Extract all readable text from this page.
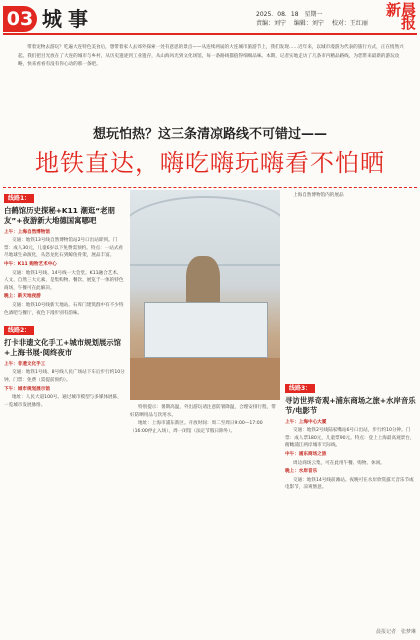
03 城事	2025．08．18　星期一
责编：刘宁 　编辑：刘宁 　校对：王红丽
新晨报
带着宠物去游玩？吃遍大连特色美食后，想带着家人去郊外探索一处有意思的景点——从连续两届的大连城市旅游节上，我们发现……近年来，以城市漫游为代表的旅行方式，正在悄然兴起。我们把目光放在了大连的城市与乡村，从历史遗迹到工业遗存，从山海风光到文化场馆，每一条路线都值得细细品味。本期，记者实地走访了几条市内精品路线，为您带来最新的游玩攻略，快来看看有没有你心动的那一条吧。
想玩怕热？这三条清凉路线不可错过——
地铁直达，嗨吃嗨玩嗨看不怕晒
线路1：
白鹤馆历史探秘+K11 潮逛“老朋友”+夜游新大地德国寓哪吧

上午：上海自然博物馆

交通：地铁13号线自然博物馆站2号口出站即到。门票：成人30元，儿童6岁以下免费需预约。特点：一站式看尽地球生命演化，从恐龙化石到鲸鱼骨架，展品丰富。

中午：K11 购物艺术中心

交通：地铁1号线、14号线一大会堂。K11融合艺术、人文、自然三大元素，是集购物、餐饮、展览于一体的特色商场，午餐可在此解决。

晚上：新天地夜游

交通：地铁10号线新天地站。石库门建筑群中有不少特色酒吧与餐厅，夜色下漫步别有韵味。

线路2：
打卡非遗文化手工+城市规划展示馆+上海书展·阅终夜市

上午：非遗文化手工

交通：地铁1号线、8号线人民广场站下车后步行约10分钟。门票：免费（需提前预约）。

下午：城市规划展示馆

地址：人民大道100号。通过城市模型与多媒体展陈，一览城市发展脉络。	特别提示：暑期高温，外出游玩请注意防暑降温，合理安排行程，带好防晒用品与饮用水。

地址：上海市浦东新区。开放时间：周二至周日9:00—17:00（16:00停止入场），周一闭馆（法定节假日除外）。

上海自然博物馆内的展品

线路3：
寻访世界奇观+浦东商场之旅+水岸音乐节/电影节

上午：上海中心大厦

交通：地铁2号线陆家嘴站6号口出站，步行约10分钟。门票：成人票180元，儿童票90元。特点：登上上海最高观景台，俯瞰浦江两岸城市天际线。

中午：浦东商场之旅

周边商场云集，可在此用午餐、购物、休闲。

晚上：水岸音乐

交通：地铁14号线前滩站。夜晚可在水岸欣赏露天音乐节或电影节，凉爽惬意。

晨报记者　张梦琳
